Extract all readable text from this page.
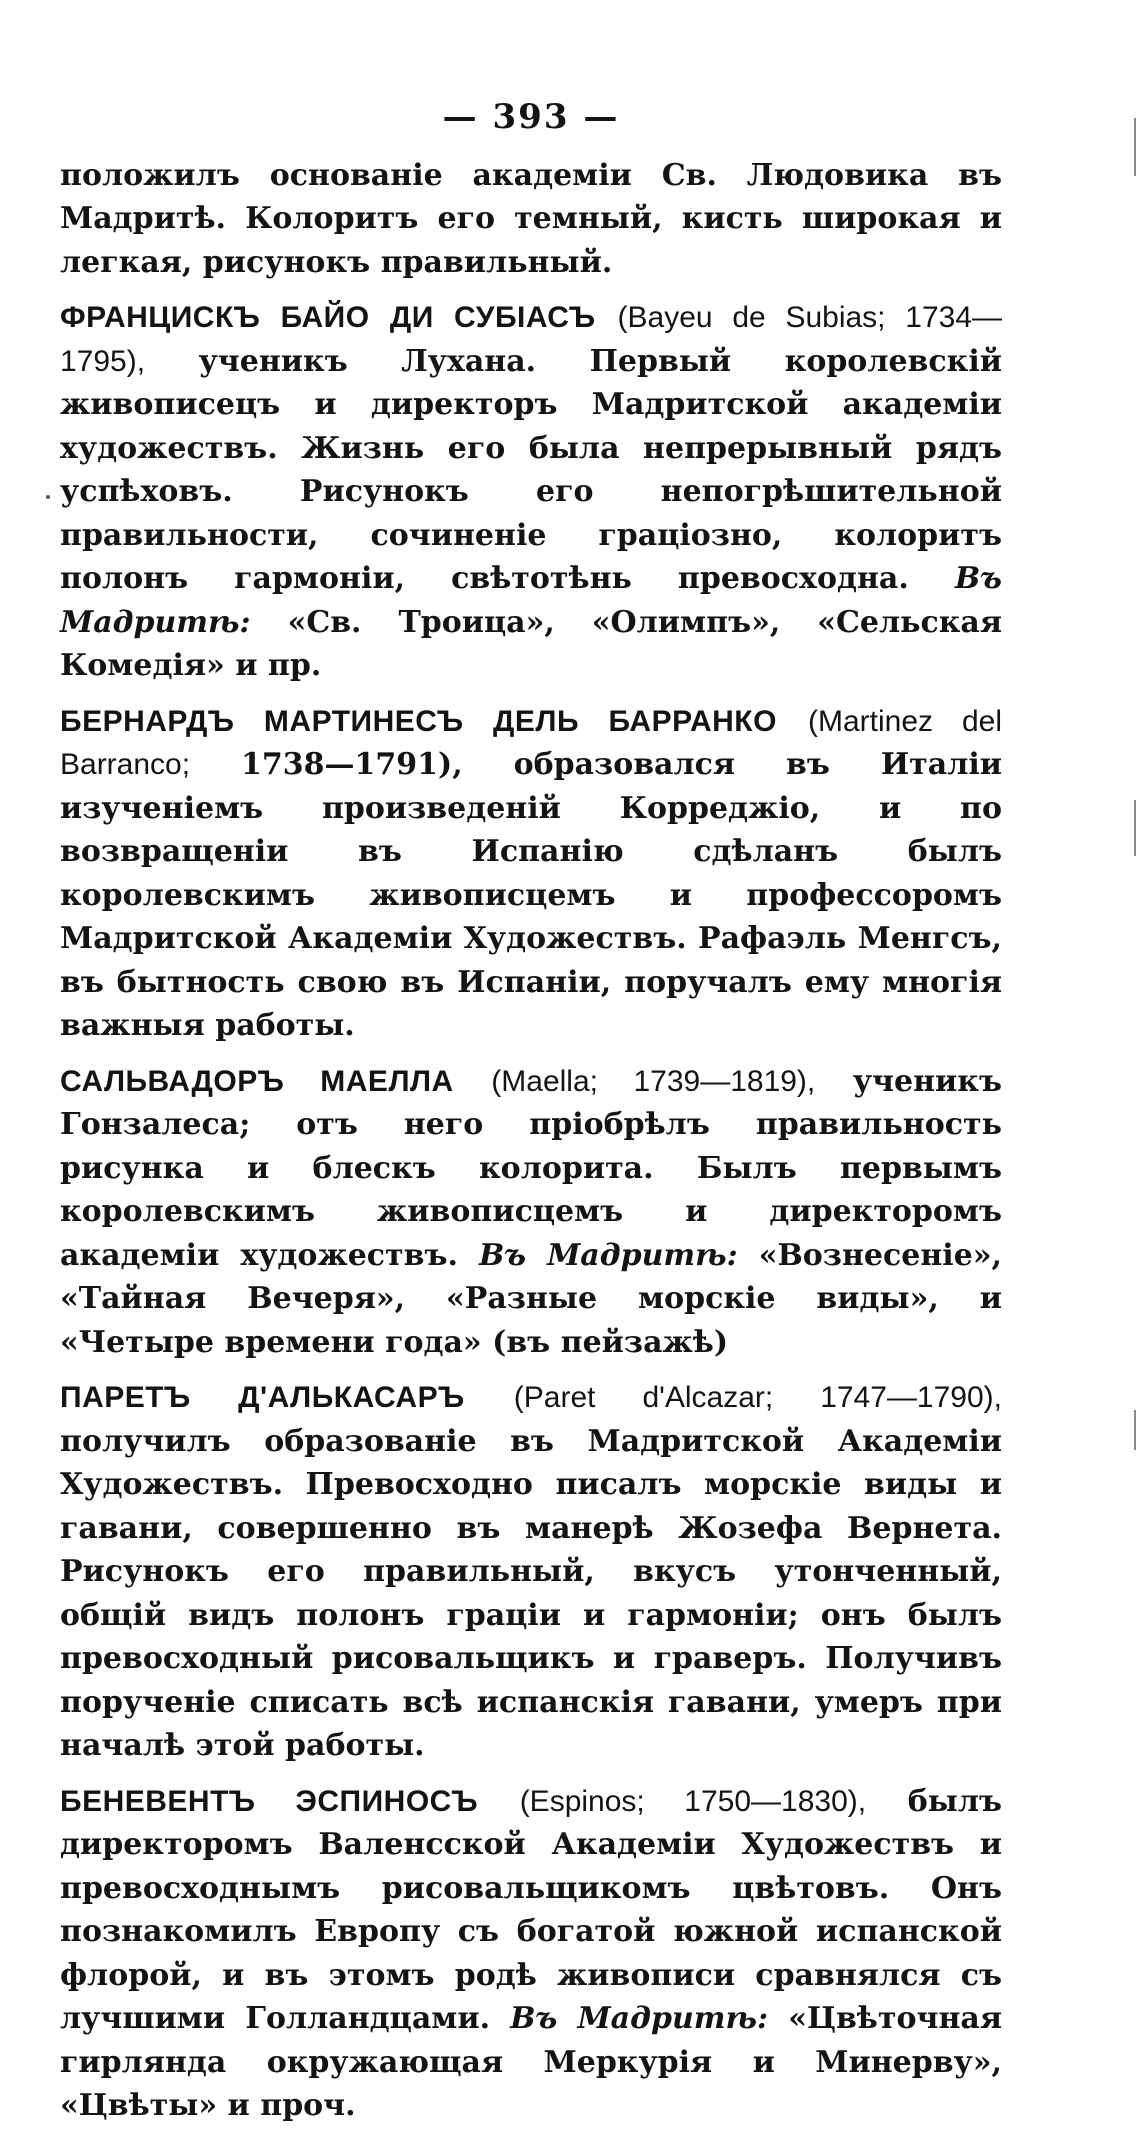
— 393 —

положилъ основаніе академіи Св. Людовика въ Мадритѣ. Колоритъ его темный, кисть широкая и легкая, рисунокъ правильный.

ФРАНЦИСКЪ БАЙО ДИ СУБІАСЪ (Bayeu de Subias; 1734—1795), ученикъ Лухана. Первый королевскій живописецъ и директоръ Мадритской академіи художествъ. Жизнь его была непрерывный рядъ успѣховъ. Рисунокъ его непогрѣшительной правильности, сочиненіе граціозно, колоритъ полонъ гармоніи, свѣтотѣнь превосходна. Въ Мадритѣ: «Св. Троица», «Олимпъ», «Сельская Комедія» и пр.

БЕРНАРДЪ МАРТИНЕСЪ ДЕЛЬ БАРРАНКО (Martinez del Barranco; 1738—1791), образовался въ Италіи изученіемъ произведеній Корреджіо, и по возвращеніи въ Испанію сдѣланъ былъ королевскимъ живописцемъ и профессоромъ Мадритской Академіи Художествъ. Рафаэль Менгсъ, въ бытность свою въ Испаніи, поручалъ ему многія важныя работы.

САЛЬВАДОРЪ МАЕЛЛА (Maella; 1739—1819), ученикъ Гонзалеса; отъ него пріобрѣлъ правильность рисунка и блескъ колорита. Былъ первымъ королевскимъ живописцемъ и директоромъ академіи художествъ. Въ Мадритѣ: «Вознесеніе», «Тайная Вечеря», «Разные морскіе виды», и «Четыре времени года» (въ пейзажѣ)

ПАРЕТЪ Д'АЛЬКАСАРЪ (Paret d'Alcazar; 1747—1790), получилъ образованіе въ Мадритской Академіи Художествъ. Превосходно писалъ морскіе виды и гавани, совершенно въ манерѣ Жозефа Вернета. Рисунокъ его правильный, вкусъ утонченный, общій видъ полонъ граціи и гармоніи; онъ былъ превосходный рисовальщикъ и граверъ. Получивъ порученіе списать всѣ испанскія гавани, умеръ при началѣ этой работы.

БЕНЕВЕНТЪ ЭСПИНОСЪ (Espinos; 1750—1830), былъ директоромъ Валенсской Академіи Художествъ и превосходнымъ рисовальщикомъ цвѣтовъ. Онъ познакомилъ Европу съ богатой южной испанской флорой, и въ этомъ родѣ живописи сравнялся съ лучшими Голландцами. Въ Мадритѣ: «Цвѣточная гирлянда окружающая Меркурія и Минерву», «Цвѣты» и проч.
